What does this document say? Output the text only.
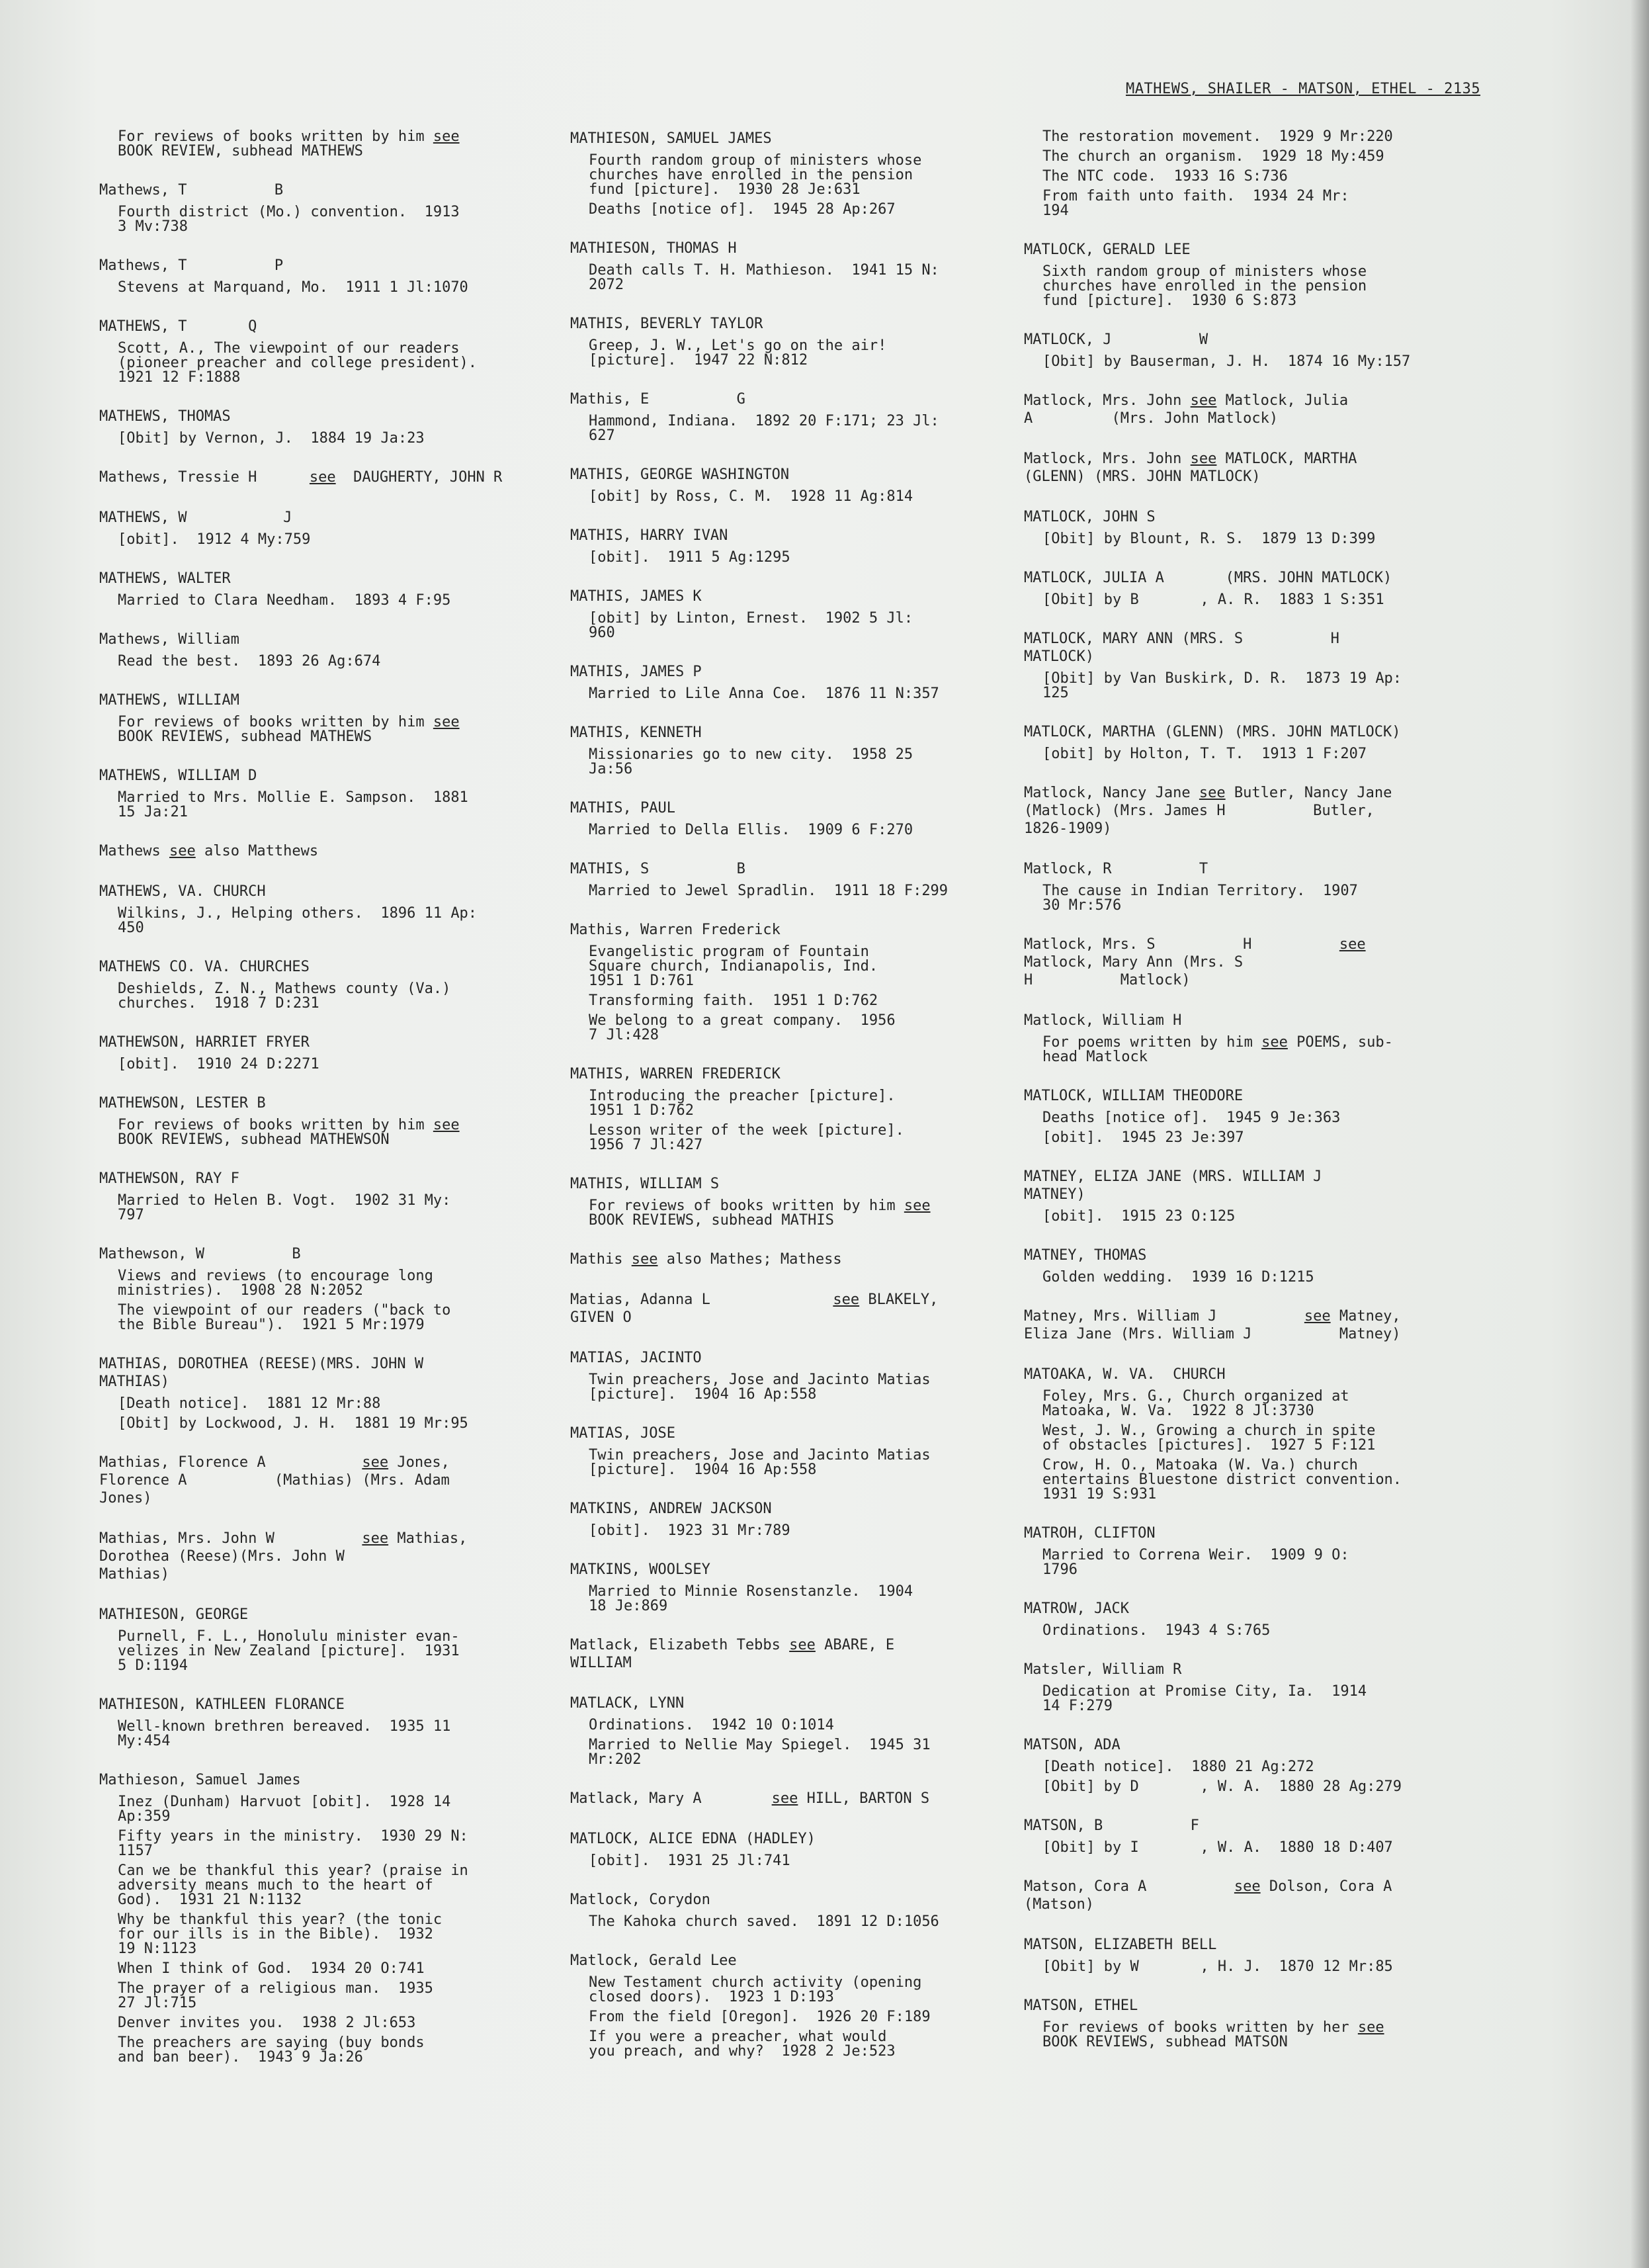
MATHEWS, SHAILER - MATSON, ETHEL - 2135
For reviews of books written by him see
BOOK REVIEW, subhead MATHEWS
Mathews, T          B
Fourth district (Mo.) convention.  1913
3 Mv:738
Mathews, T          P
Stevens at Marquand, Mo.  1911 1 Jl:1070
MATHEWS, T       Q
Scott, A., The viewpoint of our readers
(pioneer preacher and college president).
1921 12 F:1888
MATHEWS, THOMAS
[Obit] by Vernon, J.  1884 19 Ja:23
Mathews, Tressie H      see  DAUGHERTY, JOHN R
MATHEWS, W           J
[obit].  1912 4 My:759
MATHEWS, WALTER
Married to Clara Needham.  1893 4 F:95
Mathews, William
Read the best.  1893 26 Ag:674
MATHEWS, WILLIAM
For reviews of books written by him see
BOOK REVIEWS, subhead MATHEWS
MATHEWS, WILLIAM D
Married to Mrs. Mollie E. Sampson.  1881
15 Ja:21
Mathews see also Matthews
MATHEWS, VA. CHURCH
Wilkins, J., Helping others.  1896 11 Ap:
450
MATHEWS CO. VA. CHURCHES
Deshields, Z. N., Mathews county (Va.)
churches.  1918 7 D:231
MATHEWSON, HARRIET FRYER
[obit].  1910 24 D:2271
MATHEWSON, LESTER B
For reviews of books written by him see
BOOK REVIEWS, subhead MATHEWSON
MATHEWSON, RAY F
Married to Helen B. Vogt.  1902 31 My:
797
Mathewson, W          B
Views and reviews (to encourage long
ministries).  1908 28 N:2052
The viewpoint of our readers ("back to
the Bible Bureau").  1921 5 Mr:1979
MATHIAS, DOROTHEA (REESE)(MRS. JOHN W
MATHIAS)
[Death notice].  1881 12 Mr:88
[Obit] by Lockwood, J. H.  1881 19 Mr:95
Mathias, Florence A           see Jones,
Florence A          (Mathias) (Mrs. Adam
Jones)
Mathias, Mrs. John W          see Mathias,
Dorothea (Reese)(Mrs. John W
Mathias)
MATHIESON, GEORGE
Purnell, F. L., Honolulu minister evan-
velizes in New Zealand [picture].  1931
5 D:1194
MATHIESON, KATHLEEN FLORANCE
Well-known brethren bereaved.  1935 11
My:454
Mathieson, Samuel James
Inez (Dunham) Harvuot [obit].  1928 14
Ap:359
Fifty years in the ministry.  1930 29 N:
1157
Can we be thankful this year? (praise in
adversity means much to the heart of
God).  1931 21 N:1132
Why be thankful this year? (the tonic
for our ills is in the Bible).  1932
19 N:1123
When I think of God.  1934 20 O:741
The prayer of a religious man.  1935
27 Jl:715
Denver invites you.  1938 2 Jl:653
The preachers are saying (buy bonds
and ban beer).  1943 9 Ja:26
MATHIESON, SAMUEL JAMES
Fourth random group of ministers whose
churches have enrolled in the pension
fund [picture].  1930 28 Je:631
Deaths [notice of].  1945 28 Ap:267
MATHIESON, THOMAS H
Death calls T. H. Mathieson.  1941 15 N:
2072
MATHIS, BEVERLY TAYLOR
Greep, J. W., Let's go on the air!
[picture].  1947 22 N:812
Mathis, E          G
Hammond, Indiana.  1892 20 F:171; 23 Jl:
627
MATHIS, GEORGE WASHINGTON
[obit] by Ross, C. M.  1928 11 Ag:814
MATHIS, HARRY IVAN
[obit].  1911 5 Ag:1295
MATHIS, JAMES K
[obit] by Linton, Ernest.  1902 5 Jl:
960
MATHIS, JAMES P
Married to Lile Anna Coe.  1876 11 N:357
MATHIS, KENNETH
Missionaries go to new city.  1958 25
Ja:56
MATHIS, PAUL
Married to Della Ellis.  1909 6 F:270
MATHIS, S          B
Married to Jewel Spradlin.  1911 18 F:299
Mathis, Warren Frederick
Evangelistic program of Fountain
Square church, Indianapolis, Ind.
1951 1 D:761
Transforming faith.  1951 1 D:762
We belong to a great company.  1956
7 Jl:428
MATHIS, WARREN FREDERICK
Introducing the preacher [picture].
1951 1 D:762
Lesson writer of the week [picture].
1956 7 Jl:427
MATHIS, WILLIAM S
For reviews of books written by him see
BOOK REVIEWS, subhead MATHIS
Mathis see also Mathes; Mathess
Matias, Adanna L              see BLAKELY,
GIVEN O
MATIAS, JACINTO
Twin preachers, Jose and Jacinto Matias
[picture].  1904 16 Ap:558
MATIAS, JOSE
Twin preachers, Jose and Jacinto Matias
[picture].  1904 16 Ap:558
MATKINS, ANDREW JACKSON
[obit].  1923 31 Mr:789
MATKINS, WOOLSEY
Married to Minnie Rosenstanzle.  1904
18 Je:869
Matlack, Elizabeth Tebbs see ABARE, E
WILLIAM
MATLACK, LYNN
Ordinations.  1942 10 O:1014
Married to Nellie May Spiegel.  1945 31
Mr:202
Matlack, Mary A        see HILL, BARTON S
MATLOCK, ALICE EDNA (HADLEY)
[obit].  1931 25 Jl:741
Matlock, Corydon
The Kahoka church saved.  1891 12 D:1056
Matlock, Gerald Lee
New Testament church activity (opening
closed doors).  1923 1 D:193
From the field [Oregon].  1926 20 F:189
If you were a preacher, what would
you preach, and why?  1928 2 Je:523
The restoration movement.  1929 9 Mr:220
The church an organism.  1929 18 My:459
The NTC code.  1933 16 S:736
From faith unto faith.  1934 24 Mr:
194
MATLOCK, GERALD LEE
Sixth random group of ministers whose
churches have enrolled in the pension
fund [picture].  1930 6 S:873
MATLOCK, J          W
[Obit] by Bauserman, J. H.  1874 16 My:157
Matlock, Mrs. John see Matlock, Julia
A         (Mrs. John Matlock)
Matlock, Mrs. John see MATLOCK, MARTHA
(GLENN) (MRS. JOHN MATLOCK)
MATLOCK, JOHN S
[Obit] by Blount, R. S.  1879 13 D:399
MATLOCK, JULIA A       (MRS. JOHN MATLOCK)
[Obit] by B       , A. R.  1883 1 S:351
MATLOCK, MARY ANN (MRS. S          H
MATLOCK)
[Obit] by Van Buskirk, D. R.  1873 19 Ap:
125
MATLOCK, MARTHA (GLENN) (MRS. JOHN MATLOCK)
[obit] by Holton, T. T.  1913 1 F:207
Matlock, Nancy Jane see Butler, Nancy Jane
(Matlock) (Mrs. James H          Butler,
1826-1909)
Matlock, R          T
The cause in Indian Territory.  1907
30 Mr:576
Matlock, Mrs. S          H          see
Matlock, Mary Ann (Mrs. S
H          Matlock)
Matlock, William H
For poems written by him see POEMS, sub-
head Matlock
MATLOCK, WILLIAM THEODORE
Deaths [notice of].  1945 9 Je:363
[obit].  1945 23 Je:397
MATNEY, ELIZA JANE (MRS. WILLIAM J
MATNEY)
[obit].  1915 23 O:125
MATNEY, THOMAS
Golden wedding.  1939 16 D:1215
Matney, Mrs. William J          see Matney,
Eliza Jane (Mrs. William J          Matney)
MATOAKA, W. VA.  CHURCH
Foley, Mrs. G., Church organized at
Matoaka, W. Va.  1922 8 Jl:3730
West, J. W., Growing a church in spite
of obstacles [pictures].  1927 5 F:121
Crow, H. O., Matoaka (W. Va.) church
entertains Bluestone district convention.
1931 19 S:931
MATROH, CLIFTON
Married to Correna Weir.  1909 9 O:
1796
MATROW, JACK
Ordinations.  1943 4 S:765
Matsler, William R
Dedication at Promise City, Ia.  1914
14 F:279
MATSON, ADA
[Death notice].  1880 21 Ag:272
[Obit] by D       , W. A.  1880 28 Ag:279
MATSON, B          F
[Obit] by I       , W. A.  1880 18 D:407
Matson, Cora A          see Dolson, Cora A
(Matson)
MATSON, ELIZABETH BELL
[Obit] by W       , H. J.  1870 12 Mr:85
MATSON, ETHEL
For reviews of books written by her see
BOOK REVIEWS, subhead MATSON
